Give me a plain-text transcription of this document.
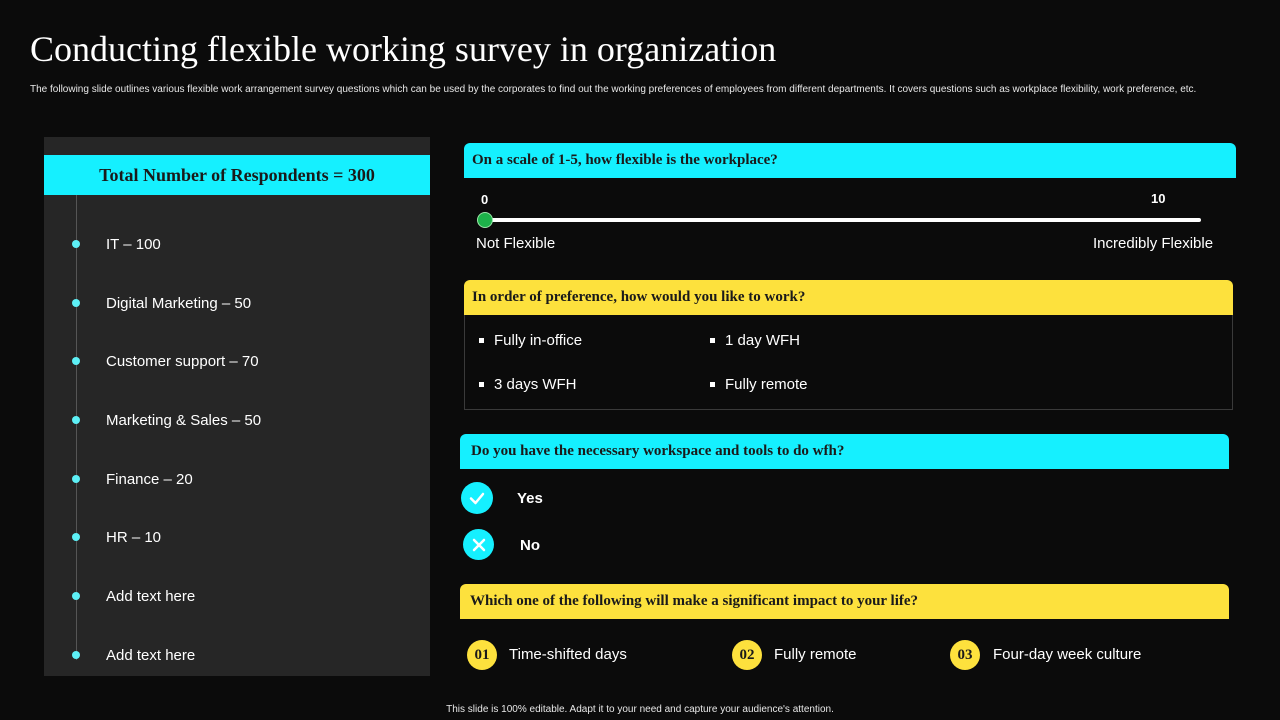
Conducting flexible working survey in organization
The following slide outlines various flexible work arrangement survey questions which can be used by the corporates to find out the working preferences of employees from different departments. It covers questions such as workplace flexibility, work preference, etc.
Total Number of Respondents = 300
IT – 100
Digital Marketing – 50
Customer support – 70
Marketing & Sales – 50
Finance – 20
HR – 10
Add text here
Add text here
On a scale of 1-5, how flexible is the workplace?
0	10
Not Flexible	Incredibly Flexible
In order of preference, how would you like to work?
Fully in-office	1 day WFH
3 days WFH	Fully remote
Do you have the necessary workspace and tools to do wfh?
Yes
No
Which one of the following will make a significant impact to your life?
01	Time-shifted days	02	Fully remote	03	Four-day week culture
This slide is 100% editable. Adapt it to your need and capture your audience's attention.
